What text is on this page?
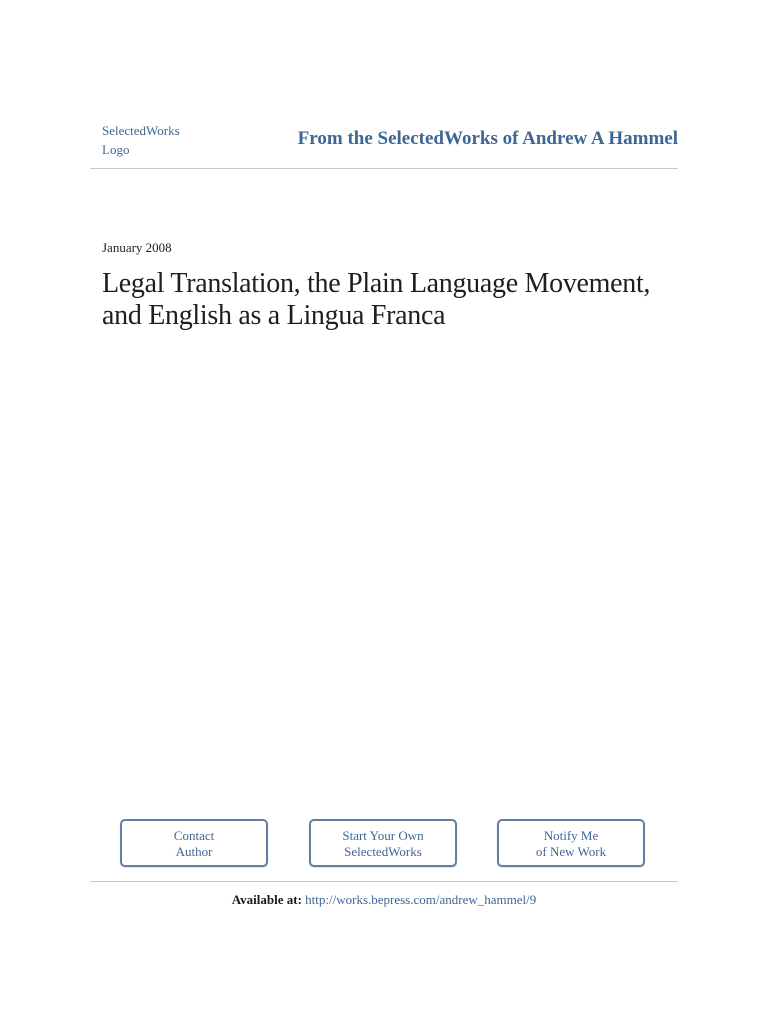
SelectedWorks
Logo
From the SelectedWorks of Andrew A Hammel
January 2008
Legal Translation, the Plain Language Movement,
and English as a Lingua Franca
Contact
Author
Start Your Own
SelectedWorks
Notify Me
of New Work
Available at: http://works.bepress.com/andrew_hammel/9
